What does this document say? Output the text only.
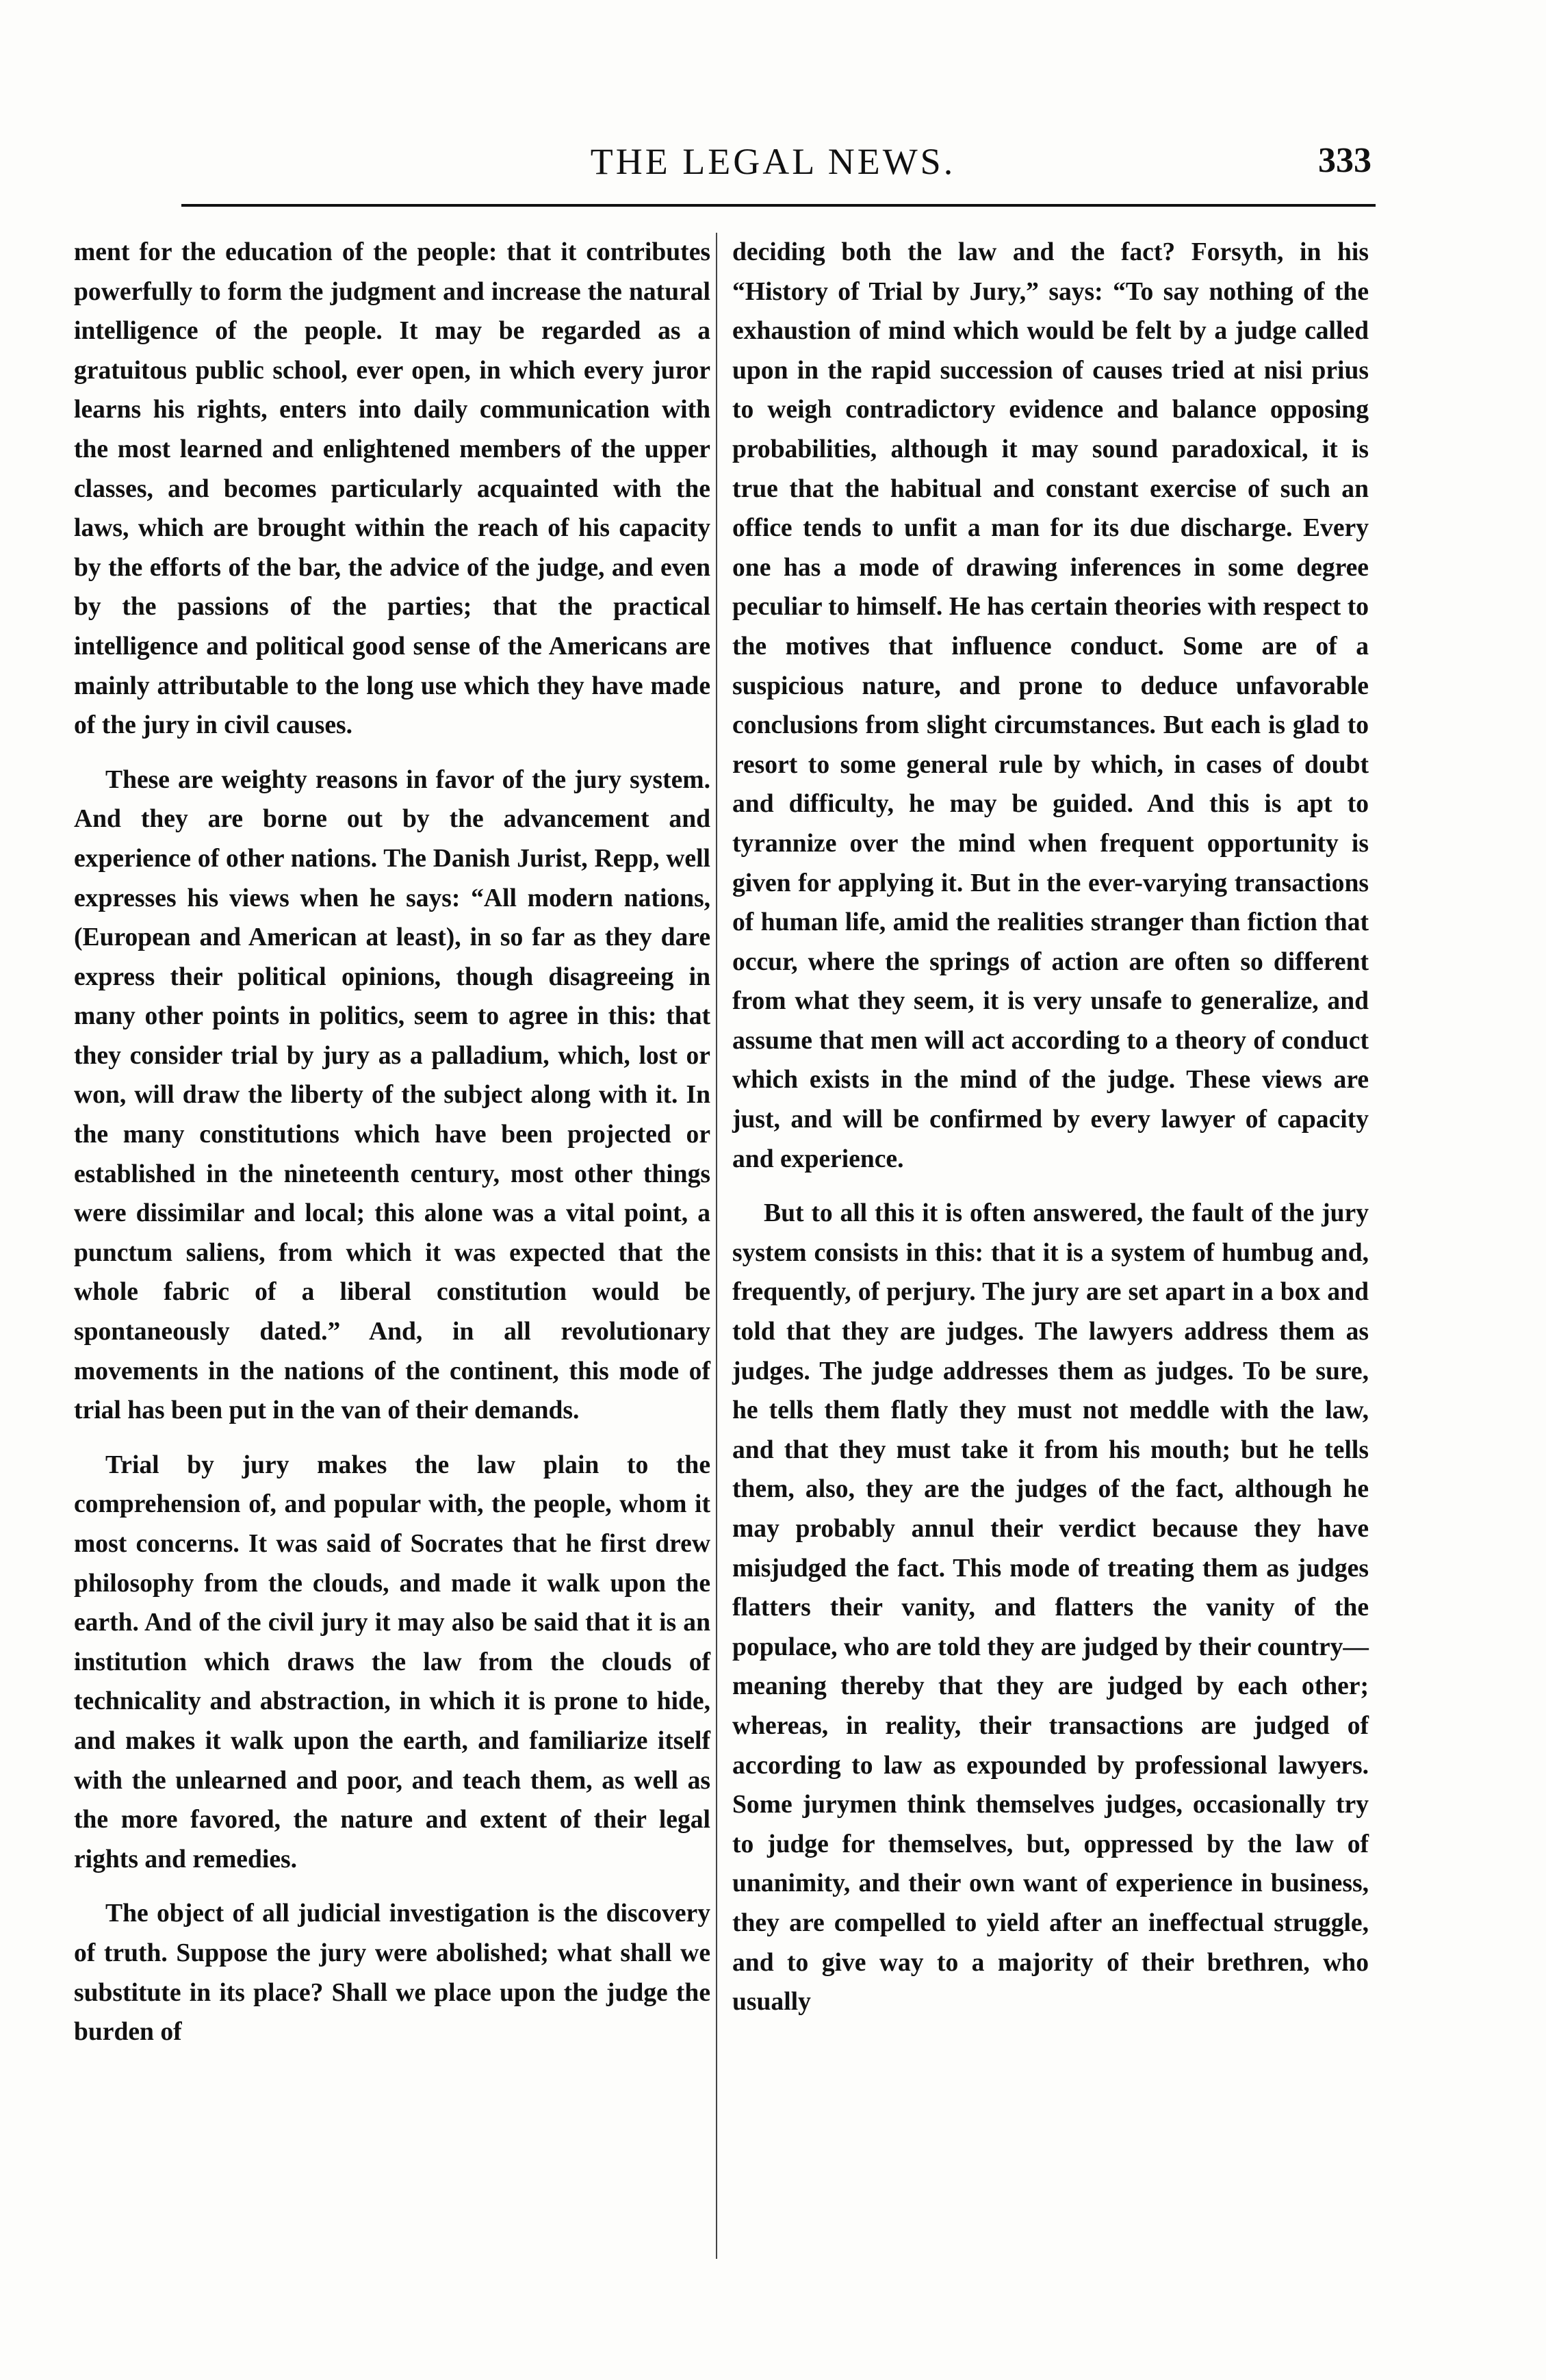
THE LEGAL NEWS.	333

ment for the education of the people: that it contributes powerfully to form the judgment and increase the natural intelligence of the people. It may be regarded as a gratuitous public school, ever open, in which every juror learns his rights, enters into daily communication with the most learned and enlightened members of the upper classes, and becomes particularly acquainted with the laws, which are brought within the reach of his capacity by the efforts of the bar, the advice of the judge, and even by the passions of the parties; that the practical intelligence and political good sense of the Americans are mainly attributable to the long use which they have made of the jury in civil causes.

These are weighty reasons in favor of the jury system. And they are borne out by the advancement and experience of other nations. The Danish Jurist, Repp, well expresses his views when he says: “All modern nations, (European and American at least), in so far as they dare express their political opinions, though disagreeing in many other points in politics, seem to agree in this: that they consider trial by jury as a palladium, which, lost or won, will draw the liberty of the subject along with it. In the many constitutions which have been projected or established in the nineteenth century, most other things were dissimilar and local; this alone was a vital point, a punctum saliens, from which it was expected that the whole fabric of a liberal constitution would be spontaneously dated.” And, in all revolutionary movements in the nations of the continent, this mode of trial has been put in the van of their demands.

Trial by jury makes the law plain to the comprehension of, and popular with, the people, whom it most concerns. It was said of Socrates that he first drew philosophy from the clouds, and made it walk upon the earth. And of the civil jury it may also be said that it is an institution which draws the law from the clouds of technicality and abstraction, in which it is prone to hide, and makes it walk upon the earth, and familiarize itself with the unlearned and poor, and teach them, as well as the more favored, the nature and extent of their legal rights and remedies.

The object of all judicial investigation is the discovery of truth. Suppose the jury were abolished; what shall we substitute in its place? Shall we place upon the judge the burden of

deciding both the law and the fact? Forsyth, in his “History of Trial by Jury,” says: “To say nothing of the exhaustion of mind which would be felt by a judge called upon in the rapid succession of causes tried at nisi prius to weigh contradictory evidence and balance opposing probabilities, although it may sound paradoxical, it is true that the habitual and constant exercise of such an office tends to unfit a man for its due discharge. Every one has a mode of drawing inferences in some degree peculiar to himself. He has certain theories with respect to the motives that influence conduct. Some are of a suspicious nature, and prone to deduce unfavorable conclusions from slight circumstances. But each is glad to resort to some general rule by which, in cases of doubt and difficulty, he may be guided. And this is apt to tyrannize over the mind when frequent opportunity is given for applying it. But in the ever-varying transactions of human life, amid the realities stranger than fiction that occur, where the springs of action are often so different from what they seem, it is very unsafe to generalize, and assume that men will act according to a theory of conduct which exists in the mind of the judge. These views are just, and will be confirmed by every lawyer of capacity and experience.

But to all this it is often answered, the fault of the jury system consists in this: that it is a system of humbug and, frequently, of perjury. The jury are set apart in a box and told that they are judges. The lawyers address them as judges. The judge addresses them as judges. To be sure, he tells them flatly they must not meddle with the law, and that they must take it from his mouth; but he tells them, also, they are the judges of the fact, although he may probably annul their verdict because they have misjudged the fact. This mode of treating them as judges flatters their vanity, and flatters the vanity of the populace, who are told they are judged by their country—meaning thereby that they are judged by each other; whereas, in reality, their transactions are judged of according to law as expounded by professional lawyers. Some jurymen think themselves judges, occasionally try to judge for themselves, but, oppressed by the law of unanimity, and their own want of experience in business, they are compelled to yield after an ineffectual struggle, and to give way to a majority of their brethren, who usually
